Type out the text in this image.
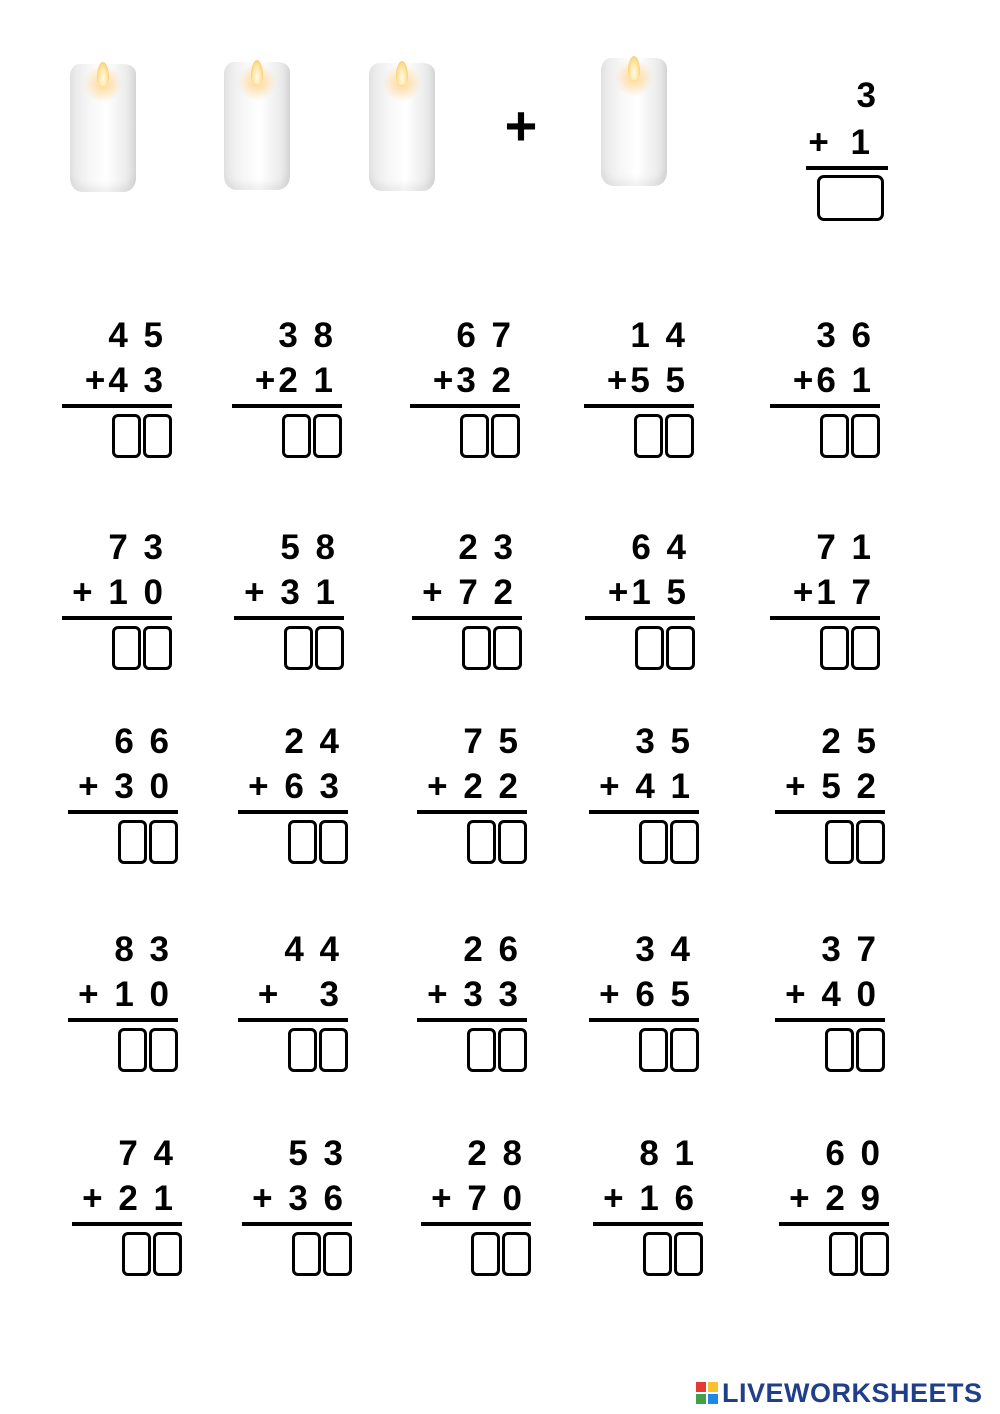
+	3
+ 1
4 5
+4 3
3 8
+2 1
6 7
+3 2
1 4
+5 5
3 6
+6 1
7 3
+ 1 0
5 8
+ 3 1
2 3
+ 7 2
6 4
+1 5
7 1
+1 7
6 6
+ 3 0
2 4
+ 6 3
7 5
+ 2 2
3 5
+ 4 1
2 5
+ 5 2
8 3
+ 1 0
4 4
+   3
2 6
+ 3 3
3 4
+ 6 5
3 7
+ 4 0
7 4
+ 2 1
5 3
+ 3 6
2 8
+ 7 0
8 1
+ 1 6
6 0
+ 2 9
LIVEWORKSHEETS
